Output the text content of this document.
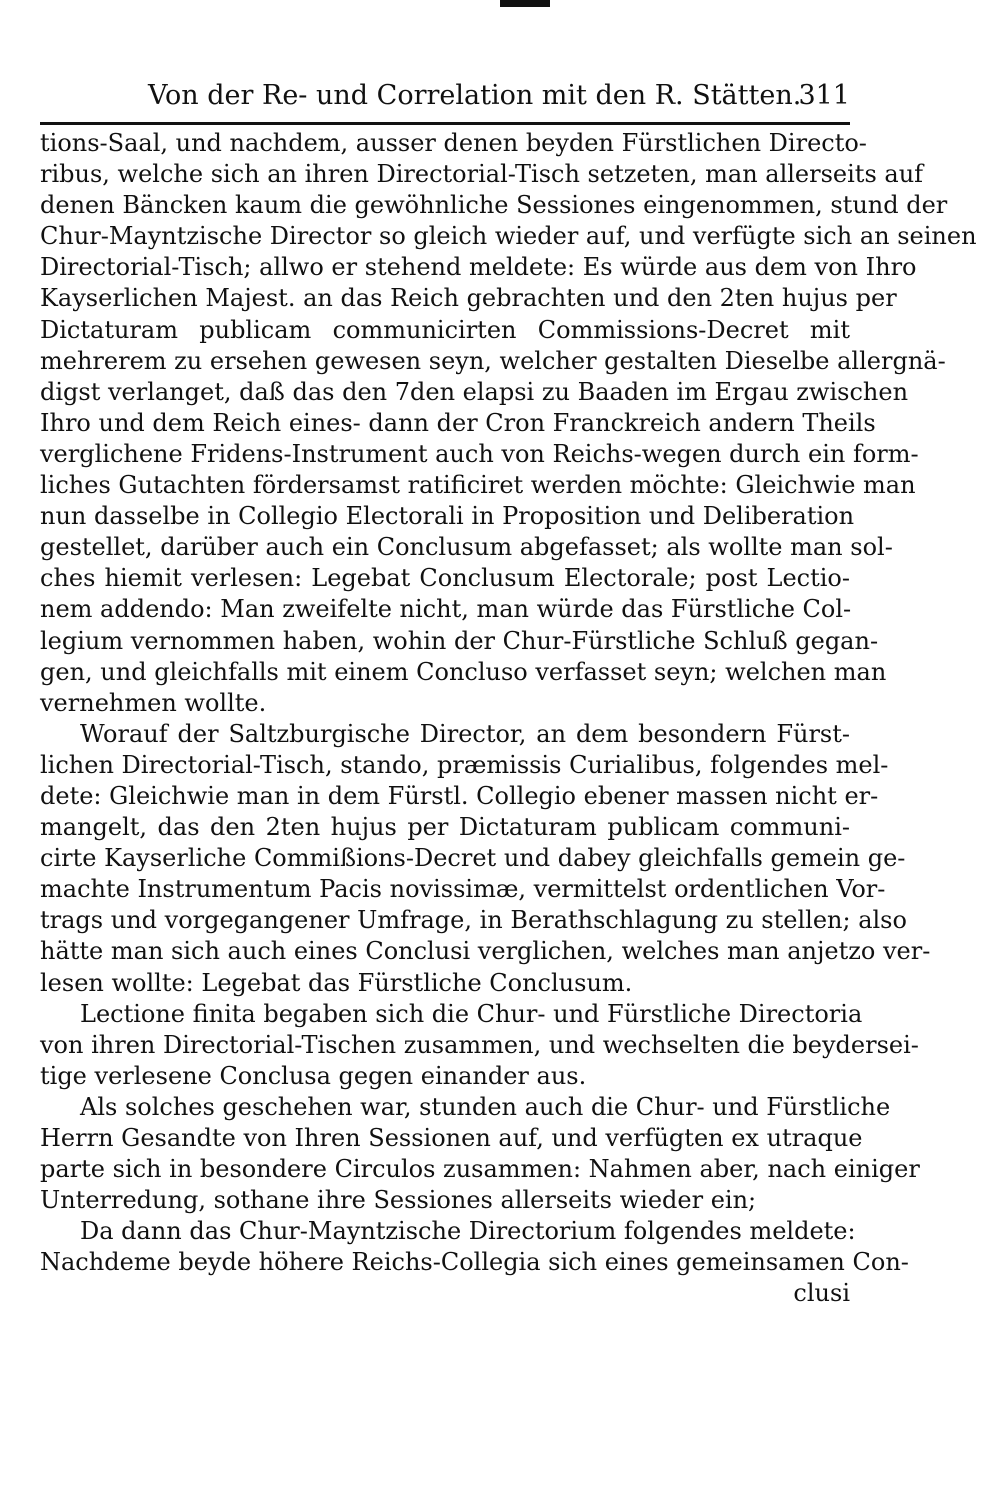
Von der Re- und Correlation mit den R. Stätten.
311
tions-Saal, und nachdem, ausser denen beyden Fürstlichen Directo-
ribus, welche sich an ihren Directorial-Tisch setzeten, man allerseits auf
denen Bäncken kaum die gewöhnliche Sessiones eingenommen, stund der
Chur-Mayntzische Director so gleich wieder auf, und verfügte sich an seinen
Directorial-Tisch; allwo er stehend meldete: Es würde aus dem von Ihro
Kayserlichen Majest. an das Reich gebrachten und den 2ten hujus per
Dictaturam publicam communicirten Commissions-Decret mit
mehrerem zu ersehen gewesen seyn, welcher gestalten Dieselbe allergnä-
digst verlanget, daß das den 7den elapsi zu Baaden im Ergau zwischen
Ihro und dem Reich eines- dann der Cron Franckreich andern Theils
verglichene Fridens-Instrument auch von Reichs-wegen durch ein form-
liches Gutachten fördersamst ratificiret werden möchte: Gleichwie man
nun dasselbe in Collegio Electorali in Proposition und Deliberation
gestellet, darüber auch ein Conclusum abgefasset; als wollte man sol-
ches hiemit verlesen: Legebat Conclusum Electorale; post Lectio-
nem addendo: Man zweifelte nicht, man würde das Fürstliche Col-
legium vernommen haben, wohin der Chur-Fürstliche Schluß gegan-
gen, und gleichfalls mit einem Concluso verfasset seyn; welchen man
vernehmen wollte.
Worauf der Saltzburgische Director, an dem besondern Fürst-
lichen Directorial-Tisch, stando, præmissis Curialibus, folgendes mel-
dete: Gleichwie man in dem Fürstl. Collegio ebener massen nicht er-
mangelt, das den 2ten hujus per Dictaturam publicam communi-
cirte Kayserliche Commißions-Decret und dabey gleichfalls gemein ge-
machte Instrumentum Pacis novissimæ, vermittelst ordentlichen Vor-
trags und vorgegangener Umfrage, in Berathschlagung zu stellen; also
hätte man sich auch eines Conclusi verglichen, welches man anjetzo ver-
lesen wollte: Legebat das Fürstliche Conclusum.
Lectione finita begaben sich die Chur- und Fürstliche Directoria
von ihren Directorial-Tischen zusammen, und wechselten die beydersei-
tige verlesene Conclusa gegen einander aus.
Als solches geschehen war, stunden auch die Chur- und Fürstliche
Herrn Gesandte von Ihren Sessionen auf, und verfügten ex utraque
parte sich in besondere Circulos zusammen: Nahmen aber, nach einiger
Unterredung, sothane ihre Sessiones allerseits wieder ein;
Da dann das Chur-Mayntzische Directorium folgendes meldete:
Nachdeme beyde höhere Reichs-Collegia sich eines gemeinsamen Con-
clusi
